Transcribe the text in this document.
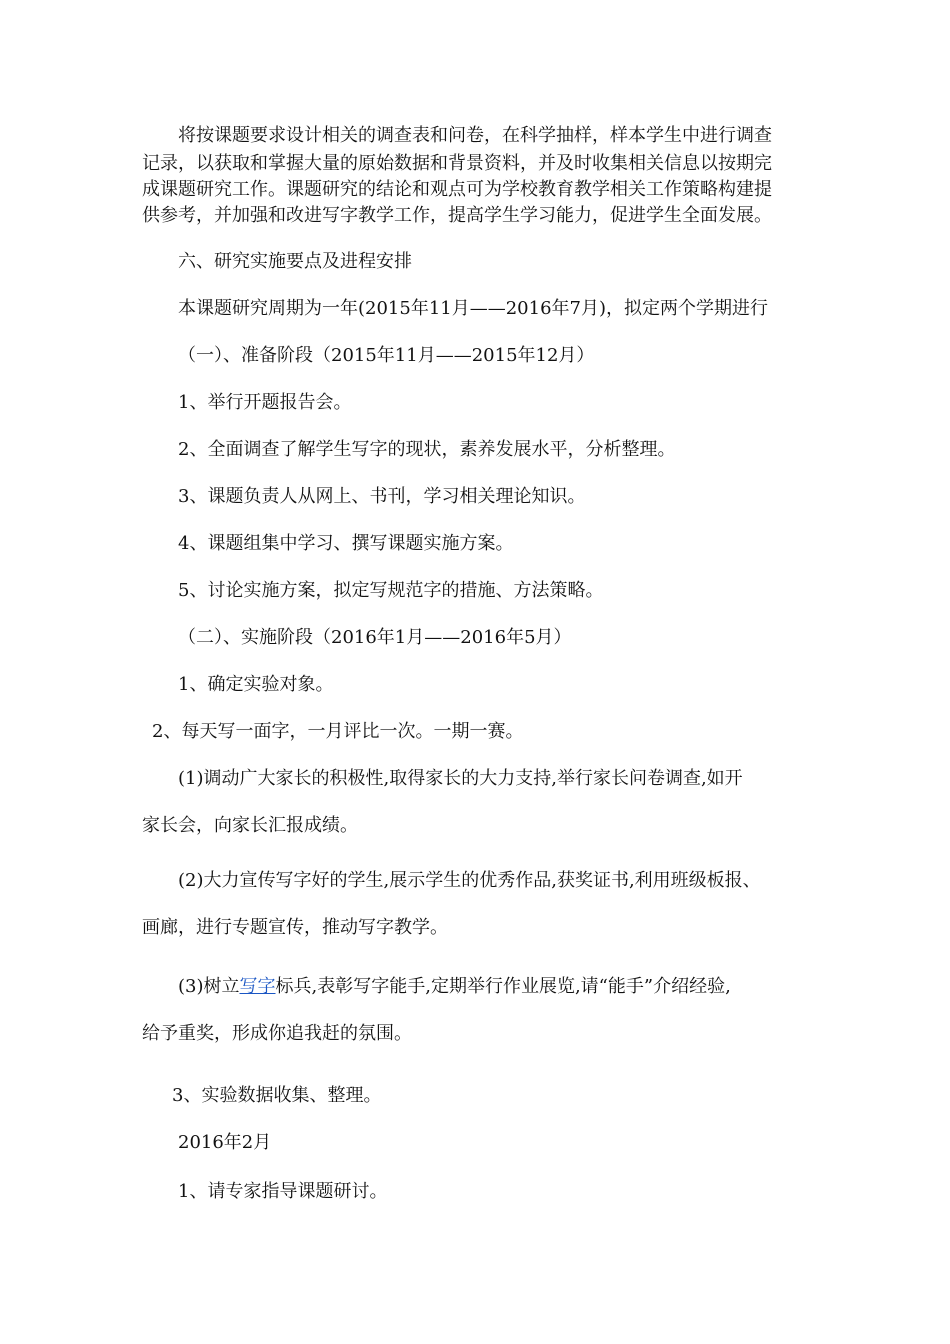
将按课题要求设计相关的调查表和问卷，在科学抽样，样本学生中进行调查

记录，以获取和掌握大量的原始数据和背景资料，并及时收集相关信息以按期完

成课题研究工作。课题研究的结论和观点可为学校教育教学相关工作策略构建提

供参考，并加强和改进写字教学工作，提高学生学习能力，促进学生全面发展。

六、研究实施要点及进程安排

本课题研究周期为一年(2015年11月——2016年7月)，拟定两个学期进行

（一）、准备阶段（2015年11月——2015年12月）

1、举行开题报告会。

2、全面调查了解学生写字的现状，素养发展水平，分析整理。

3、课题负责人从网上、书刊，学习相关理论知识。

4、课题组集中学习、撰写课题实施方案。

5、讨论实施方案，拟定写规范字的措施、方法策略。

（二）、实施阶段（2016年1月——2016年5月）

1、确定实验对象。

2、每天写一面字，一月评比一次。一期一赛。

(1)调动广大家长的积极性,取得家长的大力支持,举行家长问卷调查,如开

家长会，向家长汇报成绩。

(2)大力宣传写字好的学生,展示学生的优秀作品,获奖证书,利用班级板报、

画廊，进行专题宣传，推动写字教学。

(3)树立写字标兵,表彰写字能手,定期举行作业展览,请“能手”介绍经验,

给予重奖，形成你追我赶的氛围。

3、实验数据收集、整理。

2016年2月

1、请专家指导课题研讨。
